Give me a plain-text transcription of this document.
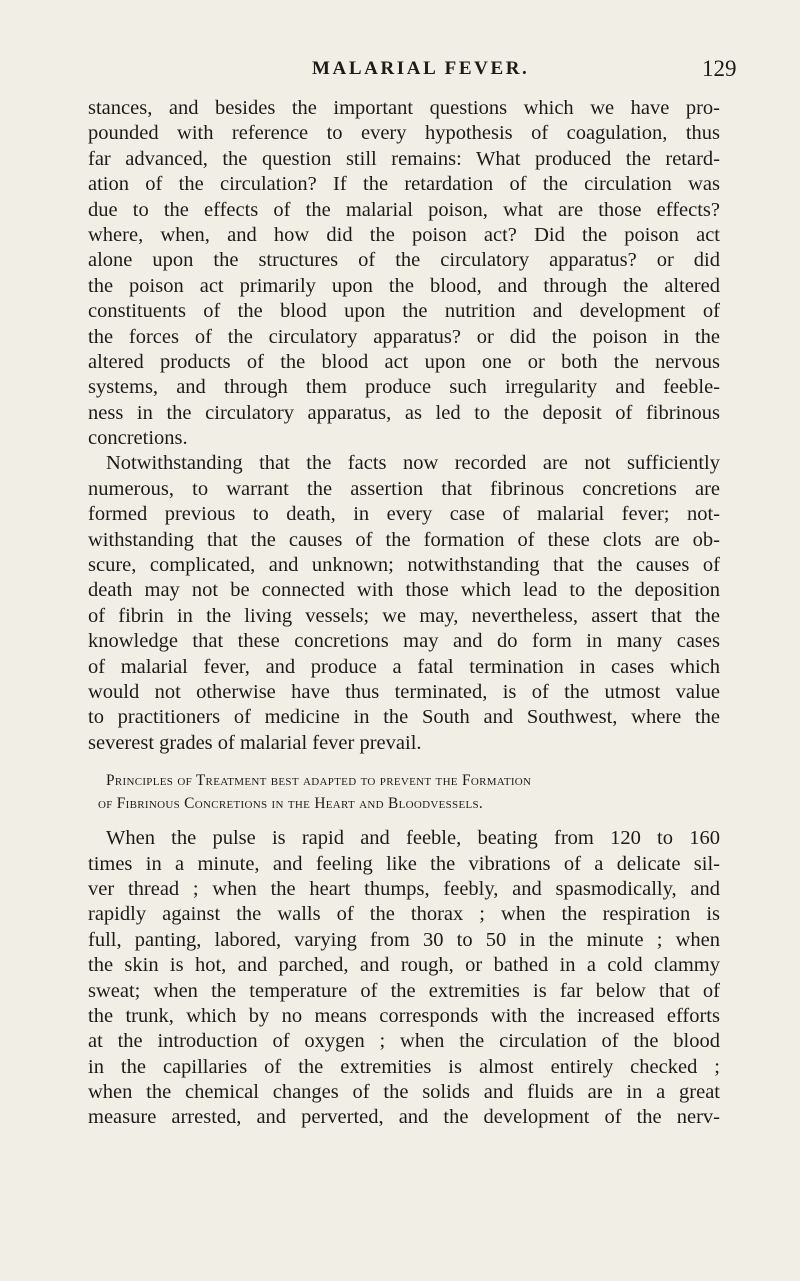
MALARIAL FEVER.	129
stances, and besides the important questions which we have pro-
pounded with reference to every hypothesis of coagulation, thus
far advanced, the question still remains: What produced the retard-
ation of the circulation? If the retardation of the circulation was
due to the effects of the malarial poison, what are those effects?
where, when, and how did the poison act? Did the poison act
alone upon the structures of the circulatory apparatus? or did
the poison act primarily upon the blood, and through the altered
constituents of the blood upon the nutrition and development of
the forces of the circulatory apparatus? or did the poison in the
altered products of the blood act upon one or both the nervous
systems, and through them produce such irregularity and feeble-
ness in the circulatory apparatus, as led to the deposit of fibrinous
concretions.
Notwithstanding that the facts now recorded are not sufficiently
numerous, to warrant the assertion that fibrinous concretions are
formed previous to death, in every case of malarial fever; not-
withstanding that the causes of the formation of these clots are ob-
scure, complicated, and unknown; notwithstanding that the causes of
death may not be connected with those which lead to the deposition
of fibrin in the living vessels; we may, nevertheless, assert that the
knowledge that these concretions may and do form in many cases
of malarial fever, and produce a fatal termination in cases which
would not otherwise have thus terminated, is of the utmost value
to practitioners of medicine in the South and Southwest, where the
severest grades of malarial fever prevail.
Principles of Treatment best adapted to prevent the Formation
of Fibrinous Concretions in the Heart and Bloodvessels.
When the pulse is rapid and feeble, beating from 120 to 160
times in a minute, and feeling like the vibrations of a delicate sil-
ver thread ; when the heart thumps, feebly, and spasmodically, and
rapidly against the walls of the thorax ; when the respiration is
full, panting, labored, varying from 30 to 50 in the minute ; when
the skin is hot, and parched, and rough, or bathed in a cold clammy
sweat; when the temperature of the extremities is far below that of
the trunk, which by no means corresponds with the increased efforts
at the introduction of oxygen ; when the circulation of the blood
in the capillaries of the extremities is almost entirely checked ;
when the chemical changes of the solids and fluids are in a great
measure arrested, and perverted, and the development of the nerv-
